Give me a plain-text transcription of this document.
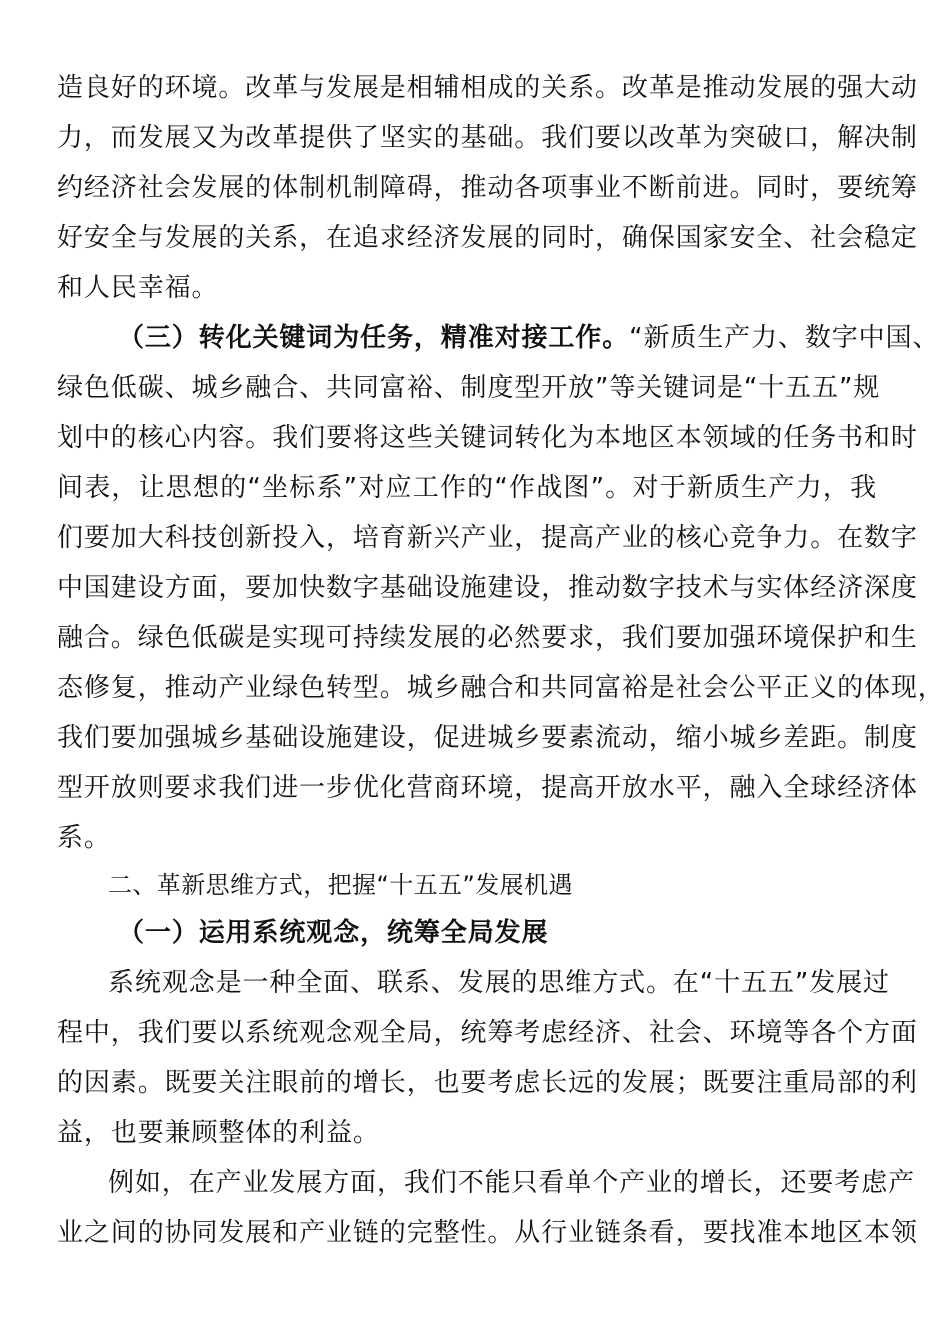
造良好的环境。改革与发展是相辅相成的关系。改革是推动发展的强大动
力，而发展又为改革提供了坚实的基础。我们要以改革为突破口，解决制
约经济社会发展的体制机制障碍，推动各项事业不断前进。同时，要统筹
好安全与发展的关系，在追求经济发展的同时，确保国家安全、社会稳定
和人民幸福。
（三）转化关键词为任务，精准对接工作。“新质生产力、数字中国、
绿色低碳、城乡融合、共同富裕、制度型开放”等关键词是“十五五”规
划中的核心内容。我们要将这些关键词转化为本地区本领域的任务书和时
间表，让思想的“坐标系”对应工作的“作战图”。对于新质生产力，我
们要加大科技创新投入，培育新兴产业，提高产业的核心竞争力。在数字
中国建设方面，要加快数字基础设施建设，推动数字技术与实体经济深度
融合。绿色低碳是实现可持续发展的必然要求，我们要加强环境保护和生
态修复，推动产业绿色转型。城乡融合和共同富裕是社会公平正义的体现，
我们要加强城乡基础设施建设，促进城乡要素流动，缩小城乡差距。制度
型开放则要求我们进一步优化营商环境，提高开放水平，融入全球经济体
系。
二、革新思维方式，把握“十五五”发展机遇
（一）运用系统观念，统筹全局发展
系统观念是一种全面、联系、发展的思维方式。在“十五五”发展过
程中，我们要以系统观念观全局，统筹考虑经济、社会、环境等各个方面
的因素。既要关注眼前的增长，也要考虑长远的发展；既要注重局部的利
益，也要兼顾整体的利益。
例如，在产业发展方面，我们不能只看单个产业的增长，还要考虑产
业之间的协同发展和产业链的完整性。从行业链条看，要找准本地区本领
